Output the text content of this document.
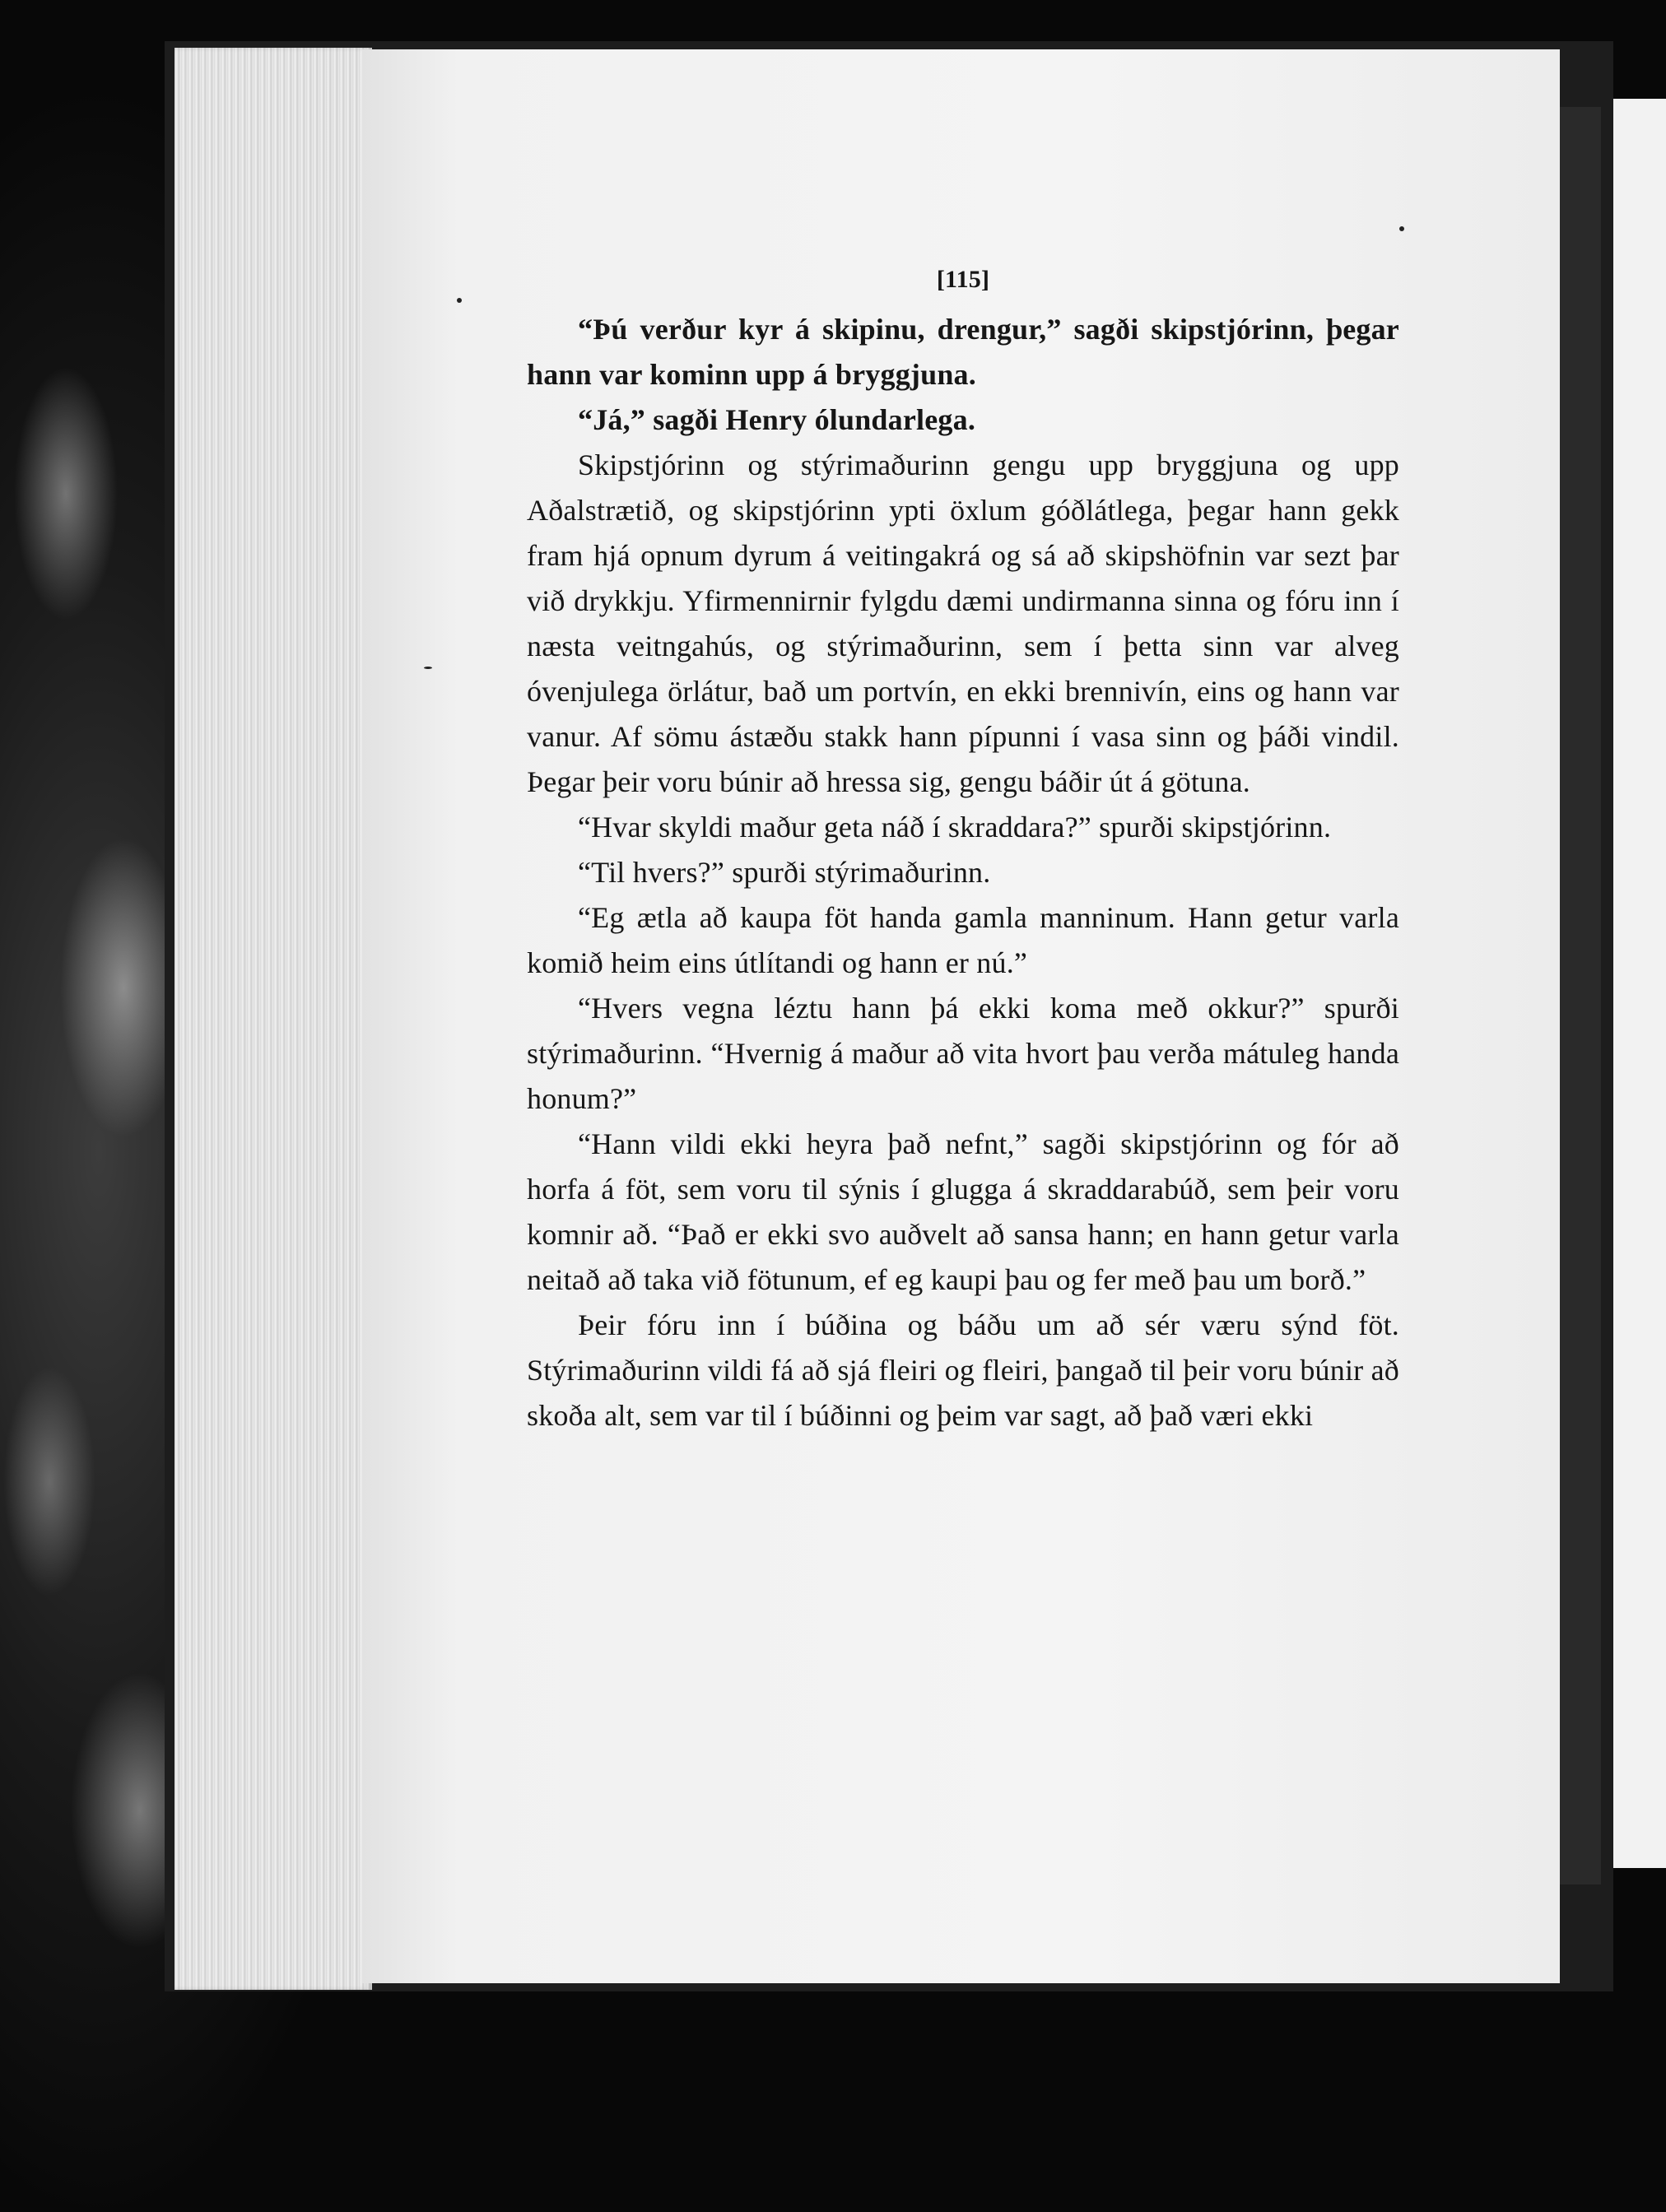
[115]

“Þú verður kyr á skipinu, drengur,” sagði skipstjórinn, þegar hann var kominn upp á bryggjuna.

“Já,” sagði Henry ólundarlega.

Skipstjórinn og stýrimaðurinn gengu upp bryggjuna og upp Aðalstrætið, og skipstjórinn ypti öxlum góðlátlega, þegar hann gekk fram hjá opnum dyrum á veitingakrá og sá að skipshöfnin var sezt þar við drykkju. Yfirmennirnir fylgdu dæmi undirmanna sinna og fóru inn í næsta veitngahús, og stýrimaðurinn, sem í þetta sinn var alveg óvenjulega örlátur, bað um portvín, en ekki brennivín, eins og hann var vanur. Af sömu ástæðu stakk hann pípunni í vasa sinn og þáði vindil. Þegar þeir voru búnir að hressa sig, gengu báðir út á götuna.

“Hvar skyldi maður geta náð í skraddara?” spurði skipstjórinn.

“Til hvers?” spurði stýrimaðurinn.

“Eg ætla að kaupa föt handa gamla manninum. Hann getur varla komið heim eins útlítandi og hann er nú.”

“Hvers vegna léztu hann þá ekki koma með okkur?” spurði stýrimaðurinn. “Hvernig á maður að vita hvort þau verða mátuleg handa honum?”

“Hann vildi ekki heyra það nefnt,” sagði skipstjórinn og fór að horfa á föt, sem voru til sýnis í glugga á skraddarabúð, sem þeir voru komnir að. “Það er ekki svo auðvelt að sansa hann; en hann getur varla neitað að taka við fötunum, ef eg kaupi þau og fer með þau um borð.”

Þeir fóru inn í búðina og báðu um að sér væru sýnd föt. Stýrimaðurinn vildi fá að sjá fleiri og fleiri, þangað til þeir voru búnir að skoða alt, sem var til í búðinni og þeim var sagt, að það væri ekki
